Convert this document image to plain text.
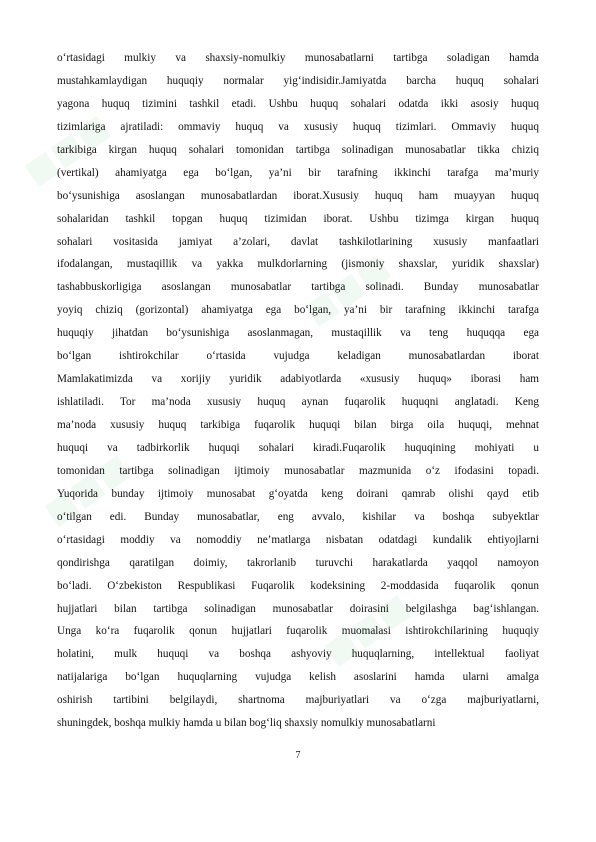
■■■
■■■
■■■
■■■
o‘rtasidagi mulkiy va shaxsiy-nomulkiy munosabatlarni tartibga soladigan hamda
mustahkamlaydigan huquqiy normalar yig‘indisidir.Jamiyatda barcha huquq sohalari
yagona huquq tizimini tashkil etadi. Ushbu huquq sohalari odatda ikki asosiy huquq
tizimlariga ajratiladi: ommaviy huquq va xususiy huquq tizimlari. Ommaviy huquq
tarkibiga kirgan huquq sohalari tomonidan tartibga solinadigan munosabatlar tikka chiziq
(vertikal) ahamiyatga ega bo‘lgan, ya’ni bir tarafning ikkinchi tarafga ma’muriy
bo‘ysunishiga asoslangan munosabatlardan iborat.Xususiy huquq ham muayyan huquq
sohalaridan tashkil topgan huquq tizimidan iborat. Ushbu tizimga kirgan huquq
sohalari vositasida jamiyat a’zolari, davlat tashkilotlarining xususiy manfaatlari
ifodalangan, mustaqillik va yakka mulkdorlarning (jismoniy shaxslar, yuridik shaxslar)
tashabbuskorligiga asoslangan munosabatlar tartibga solinadi. Bunday munosabatlar
yoyiq chiziq (gorizontal) ahamiyatga ega bo‘lgan, ya’ni bir tarafning ikkinchi tarafga
huquqiy jihatdan bo‘ysunishiga asoslanmagan, mustaqillik va teng huquqqa ega
bo‘lgan ishtirokchilar o‘rtasida vujudga keladigan munosabatlardan iborat
Mamlakatimizda va xorijiy yuridik adabiyotlarda «xususiy huquq» iborasi ham
ishlatiladi. Tor ma’noda xususiy huquq aynan fuqarolik huquqni anglatadi. Keng
ma’noda xususiy huquq tarkibiga fuqarolik huquqi bilan birga oila huquqi, mehnat
huquqi va tadbirkorlik huquqi sohalari kiradi.Fuqarolik huquqining mohiyati u
tomonidan tartibga solinadigan ijtimoiy munosabatlar mazmunida o‘z ifodasini topadi.
Yuqorida bunday ijtimoiy munosabat g‘oyatda keng doirani qamrab olishi qayd etib
o‘tilgan edi. Bunday munosabatlar, eng avvalo, kishilar va boshqa subyektlar
o‘rtasidagi moddiy va nomoddiy ne’matlarga nisbatan odatdagi kundalik ehtiyojlarni
qondirishga qaratilgan doimiy, takrorlanib turuvchi harakatlarda yaqqol namoyon
bo‘ladi. O‘zbekiston Respublikasi Fuqarolik kodeksining 2-moddasida fuqarolik qonun
hujjatlari bilan tartibga solinadigan munosabatlar doirasini belgilashga bag‘ishlangan.
Unga ko‘ra fuqarolik qonun hujjatlari fuqarolik muomalasi ishtirokchilarining huquqiy
holatini, mulk huquqi va boshqa ashyoviy huquqlarning, intellektual faoliyat
natijalariga bo‘lgan huquqlarning vujudga kelish asoslarini hamda ularni amalga
oshirish tartibini belgilaydi, shartnoma majburiyatlari va o‘zga majburiyatlarni,
shuningdek, boshqa mulkiy hamda u bilan bog‘liq shaxsiy nomulkiy munosabatlarni
7
